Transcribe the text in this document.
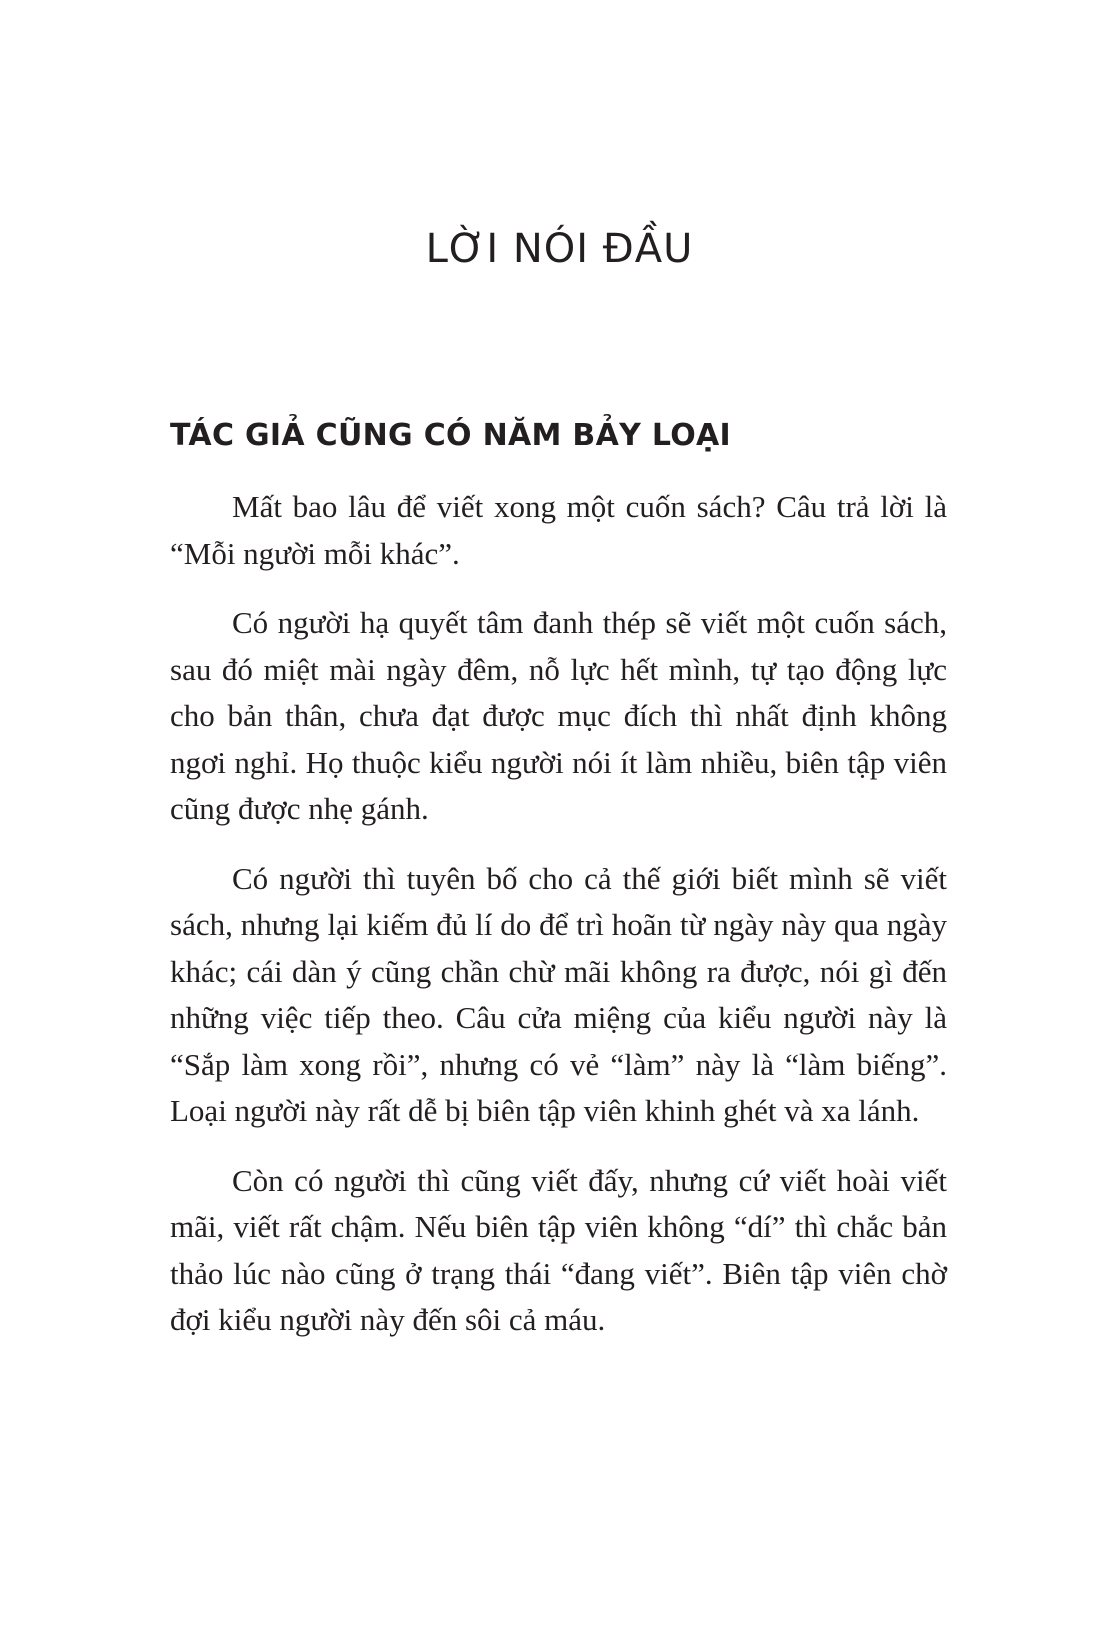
LỜI NÓI ĐẦU
TÁC GIẢ CŨNG CÓ NĂM BẢY LOẠI

Mất bao lâu để viết xong một cuốn sách? Câu trả lời là “Mỗi người mỗi khác”.

Có người hạ quyết tâm đanh thép sẽ viết một cuốn sách, sau đó miệt mài ngày đêm, nỗ lực hết mình, tự tạo động lực cho bản thân, chưa đạt được mục đích thì nhất định không ngơi nghỉ. Họ thuộc kiểu người nói ít làm nhiều, biên tập viên cũng được nhẹ gánh.

Có người thì tuyên bố cho cả thế giới biết mình sẽ viết sách, nhưng lại kiếm đủ lí do để trì hoãn từ ngày này qua ngày khác; cái dàn ý cũng chần chừ mãi không ra được, nói gì đến những việc tiếp theo. Câu cửa miệng của kiểu người này là “Sắp làm xong rồi”, nhưng có vẻ “làm” này là “làm biếng”. Loại người này rất dễ bị biên tập viên khinh ghét và xa lánh.

Còn có người thì cũng viết đấy, nhưng cứ viết hoài viết mãi, viết rất chậm. Nếu biên tập viên không “dí” thì chắc bản thảo lúc nào cũng ở trạng thái “đang viết”. Biên tập viên chờ đợi kiểu người này đến sôi cả máu.
